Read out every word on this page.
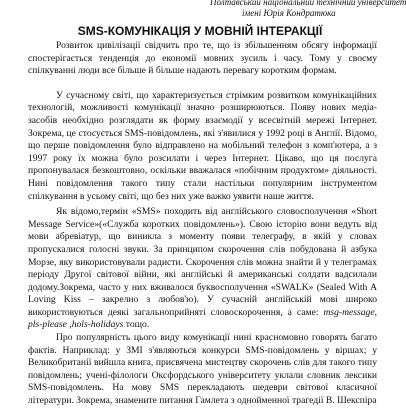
Полтавський національний технічний університет
імені Юрія Кондратюка
SMS-КОМУНІКАЦІЯ У МОВНІЙ ІНТЕРАКЦІЇ

Розвиток цивілізації свідчить про те, що із збільшенням обсягу інформації спостерігається тенденція до економії мовних зусиль і часу. Тому у своєму спілкуванні люди все більше й більше надають перевагу коротким формам.

У сучасному світі, що характеризується стрімким розвитком комунікаційних технологій, можливості комунікації значно розширюються. Появу нових медіа-засобів необхідно розглядати як форму взаємодії у всесвітній мережі Інтернет. Зокрема, це стосується SMS-повідомлень, які з'явилися у 1992 році в Англії. Відомо, що перше повідомлення було відправлено на мобільний телефон з комп'ютера, а з 1997 року їх можна було розсилати і через Інтернет. Цікаво, що ця послуга пропонувалася безкоштовно, оскільки вважалася «побічним продуктом» діяльності. Нині повідомлення такого типу стали настільки популярним інструментом спілкування в усьому світі, що без них уже важко уявити наше життя.

Як відомо,термін «SMS» походить від англійського словосполучення «Short Message Service»(«Служба коротких повідомлень»). Свою історію вони ведуть від мови абревіатур, що виникла з моменту появи телеграфу, в якій у словах пропускалися голосні звуки. За принципом скорочення слів побудована й азбука Морзе, яку використовували радисти. Скорочення слів можна знайти й у телеграмах періоду Другої світової війни, які англійські й американські солдати вадсилали додому.Зокрема, часто у них вживалося буквосполучення «SWALK» (Sealed With A Loving Kiss – закрелно з любов'ю). У сучасній англійській мові широко використовуються деякі загальноприйняті словоскорочення, а саме: msg-message, pls-please ,hols-holidays тощо.

Про популярність цього виду комунікації нині красномовно говорять багато фактів. Наприклад: у ЗМІ з'являються конкурси SMS-повідомлень у віршах; у Великобританії вийшла книга, присвячена мистецтву скорочень слів для такого типу повідомлень; учені-філологи Оксфордського університету уклали словник лексики SMS-повідомлень. На мову SMS перекладають шедеври світової класичної літератури. Зокрема, знамените питання Гамлета з однойменної трагедії В. Шекспіра
